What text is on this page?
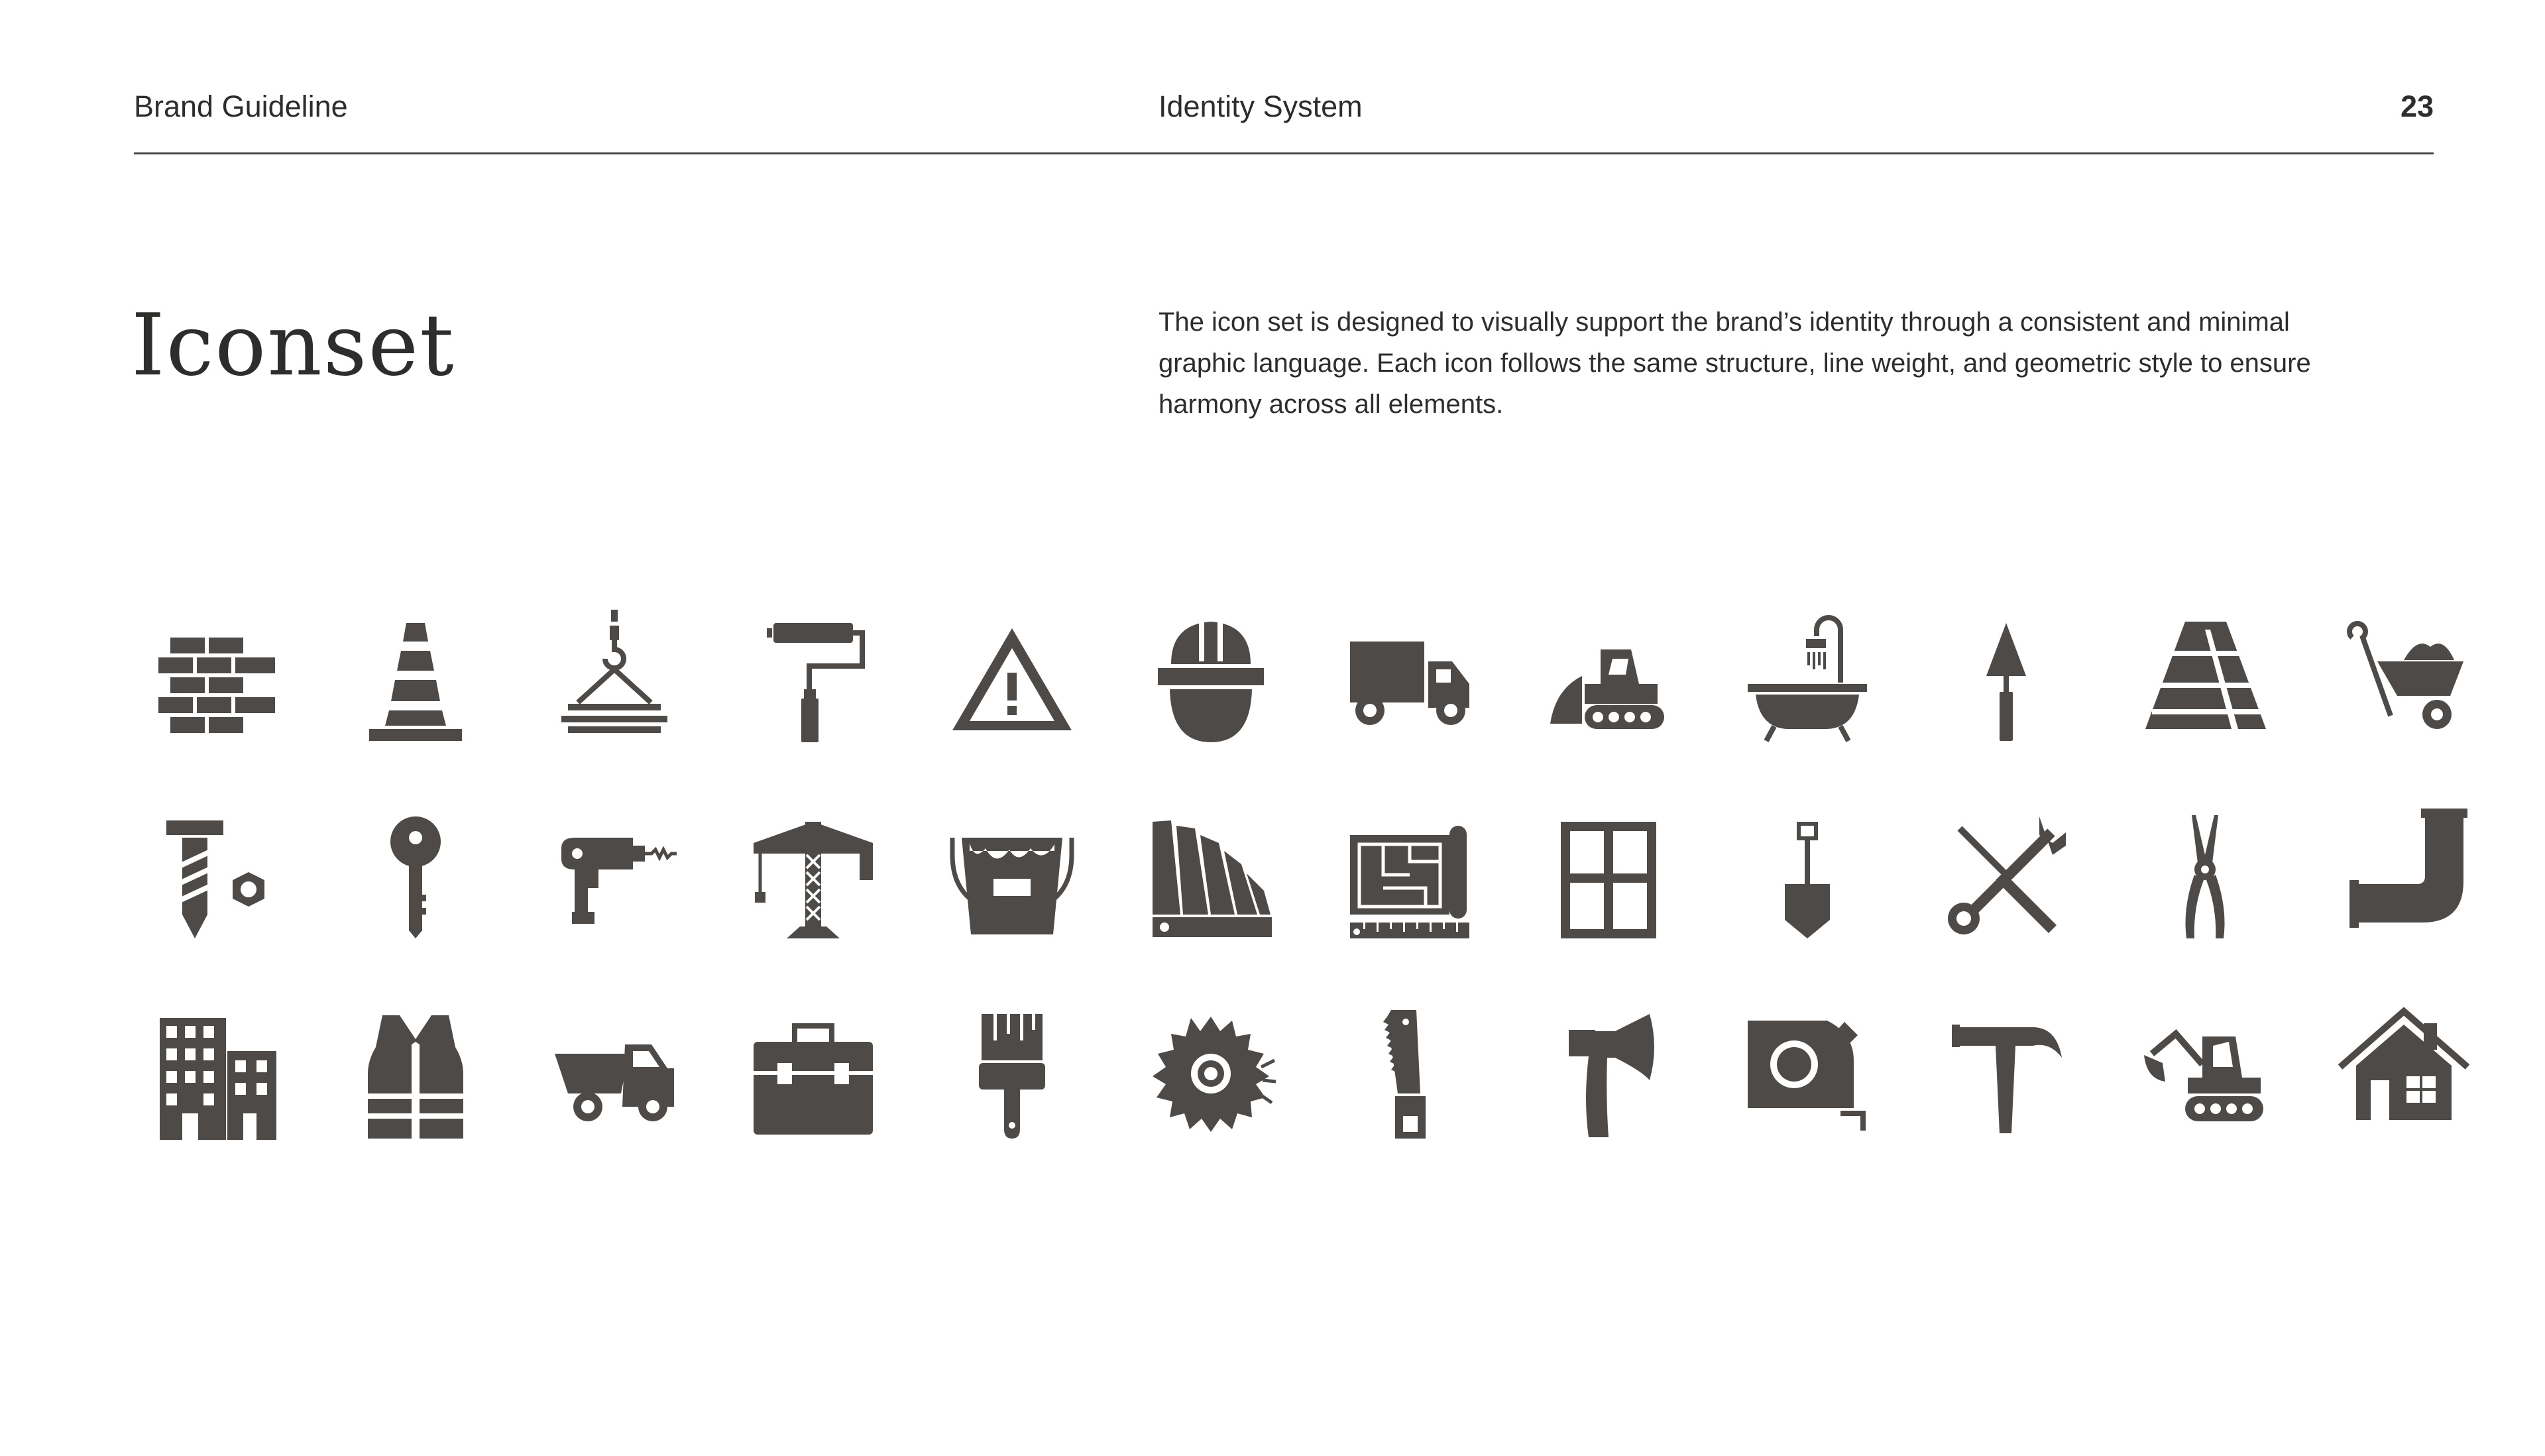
Brand Guideline	Identity System	23
Iconset	The icon set is designed to visually support the brand’s identity through a consistent and minimal graphic language. Each icon follows the same structure, line weight, and geometric style to ensure harmony across all elements.
